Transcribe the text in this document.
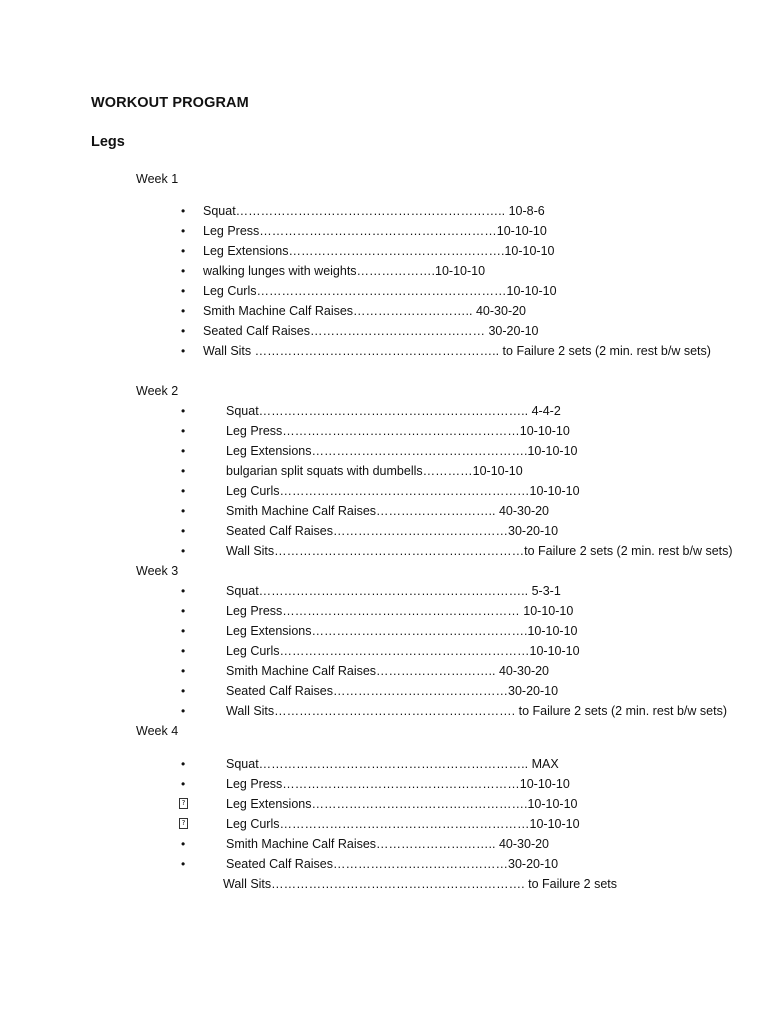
WORKOUT PROGRAM
Legs
Week 1
• Squat……………………………………………………….. 10-8-6
• Leg Press…………………………………………………10-10-10
• Leg Extensions…………………………………………….10-10-10
• walking lunges with weights……………….10-10-10
• Leg Curls……………………………………………………10-10-10
• Smith Machine Calf Raises……………………….. 40-30-20
• Seated Calf Raises…………………………………… 30-20-10
• Wall Sits ………………………………………………….. to Failure 2 sets (2 min. rest b/w sets)
Week 2
•	Squat……………………………………………………….. 4-4-2
•	Leg Press…………………………………………………10-10-10
•	Leg Extensions…………………………………………….10-10-10
•	bulgarian split squats with dumbells…………10-10-10
•	Leg Curls……………………………………………………10-10-10
•	Smith Machine Calf Raises……………………….. 40-30-20
•	Seated Calf Raises……………………………………30-20-10
•	Wall Sits……………………………………………………to Failure 2 sets (2 min. rest b/w sets)
Week 3
•	Squat……………………………………………………….. 5-3-1
•	Leg Press………………………………………………… 10-10-10
•	Leg Extensions…………………………………………….10-10-10
•	Leg Curls……………………………………………………10-10-10
•	Smith Machine Calf Raises……………………….. 40-30-20
•	Seated Calf Raises……………………………………30-20-10
•	Wall Sits…………………………………………………. to Failure 2 sets (2 min. rest b/w sets)
Week 4
•	Squat……………………………………………………….. MAX
•	Leg Press…………………………………………………10-10-10
?	Leg Extensions…………………………………………….10-10-10
?	Leg Curls……………………………………………………10-10-10
•	Smith Machine Calf Raises……………………….. 40-30-20
•	Seated Calf Raises……………………………………30-20-10
Wall Sits……………………………………………………. to Failure 2 sets
